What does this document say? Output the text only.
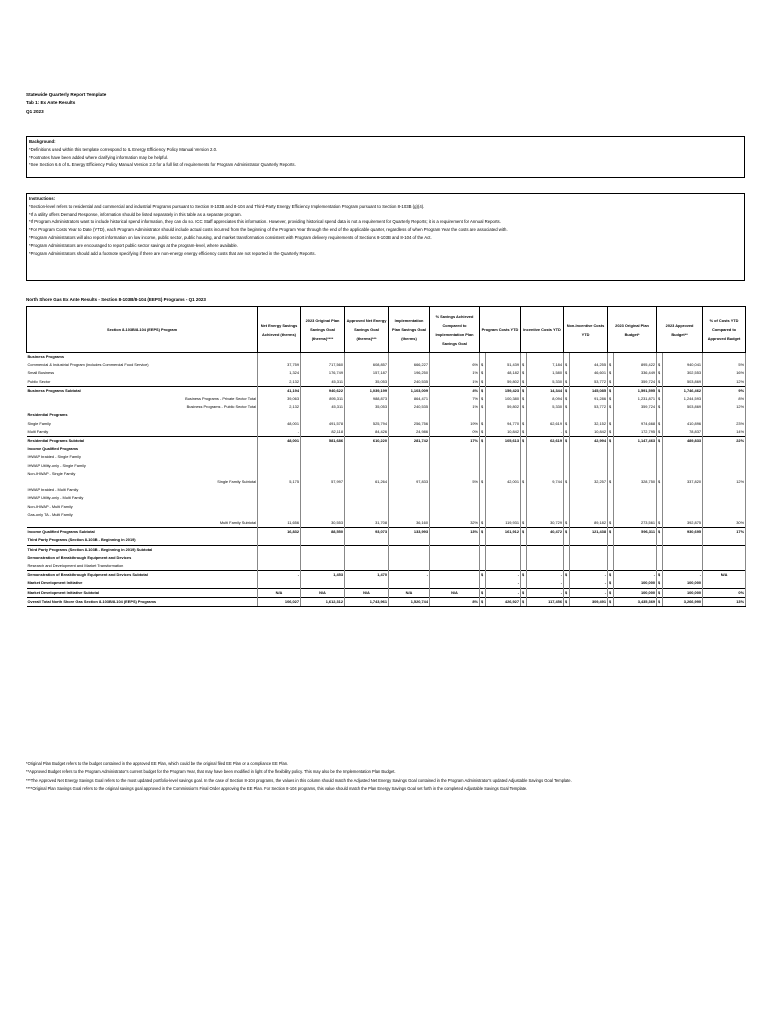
Statewide Quarterly Report Template
Tab 1: Ex Ante Results
Q1 2023
Background:
*Definitions used within this template correspond to IL Energy Efficiency Policy Manual Version 2.0.
*Footnotes have been added where clarifying information may be helpful.
*See Section 6.6 of IL Energy Efficiency Policy Manual Version 2.0 for a full list of requirements for Program Administrator Quarterly Reports.
Instructions:
*Section-level refers to residential and commercial and industrial Programs pursuant to Section 8-103B and 8-104 and Third-Party Energy Efficiency Implementation Program pursuant to Section 8-103B (g)(4).
*If a utility offers Demand Response, information should be listed separately in this table as a separate program.
*If Program Administrators want to include historical spend information, they can do so. ICC Staff appreciates this information. However, providing historical spend data is not a requirement for Quarterly Reports; it is a requirement for Annual Reports.
*For Program Costs Year to Date (YTD), each Program Administrator should include actual costs incurred from the beginning of the Program Year through the end of the applicable quarter, regardless of when Program Year the costs are associated with.
*Program Administrators will also report information on low income, public sector, public housing, and market transformation consistent with Program delivery requirements of Sections 8-103B and 8-104 of the Act.
*Program Administrators are encouraged to report public sector savings at the program-level, where available.
*Program Administrators should add a footnote specifying if there are non-energy energy efficiency costs that are not reported in the Quarterly Reports.
North Shore Gas Ex Ante Results - Section 8-103B/8-104 (EEPS) Programs - Q1 2023
Section 8-103B/8-104 (EEPS) Program	Net Energy Savings Achieved (therms)	2023 Original Plan Savings Goal (therms)****	Approved Net Energy Savings Goal (therms)***	Implementation Plan Savings Goal (therms)	% Savings Achieved Compared to Implementation Plan Savings Goal	Program Costs YTD		Incentive Costs YTD		Non-Incentive Costs YTD		2023 Original Plan Budget*		2023 Approved Budget**		% of Costs YTD Compared to Approved Budget
Business Programs																
Commercial & Industrial Program (includes Commercial Food Service)	37,759	717,560	608,857	666,227	6%	$	51,439	$	7,184	$	44,255	$	895,422	$	940,041	5%
Small Business	1,324	176,749	157,187	196,250	1%	$	48,182	$	1,580	$	46,601	$	336,449	$	302,553	16%
Public Sector	2,132	45,311	35,053	240,535	1%	$	59,802	$	5,330	$	53,772	$	359,724	$	503,869	12%
Business Programs Subtotal	41,194	940,622	1,039,199	1,103,009	4%	$	159,423	$	14,344	$	145,085	$	1,591,595	$	1,746,462	9%
Business Programs - Private Sector Total	39,063	895,311	988,873	864,471	7%	$	100,380	$	8,094	$	91,286	$	1,231,871	$	1,244,593	8%
Business Programs - Public Sector Total	2,132	45,311	35,053	240,535	1%	$	59,802	$	5,330	$	53,772	$	359,724	$	503,869	12%
Residential Programs																
Single Family	48,001	491,578	525,794	256,756	19%	$	94,770	$	62,619	$	32,152	$	974,668	$	410,896	23%
Multi Family	-	82,118	84,426	24,986	0%	$	10,842	$	-	$	10,842	$	172,795	$	78,837	14%
Residential Programs Subtotal	48,001	581,686	610,220	281,742	17%	$	105,613	$	62,619	$	42,994	$	1,147,463	$	489,833	22%
Income Qualified Programs																
IHWAP braided - Single Family																
IHWAP Utility-only - Single Family																
Non-IHWAP - Single Family																
Single Family Subtotal	5,175	57,997	61,264	97,833	5%	$	42,001	$	9,744	$	32,257	$	328,750	$	337,820	12%
IHWAP braided - Multi Family																
IHWAP Utility-only - Multi Family																
Non-IHWAP - Multi Family																
Gas-only TA - Multi Family																
Multi Family Subtotal	11,656	30,553	31,708	36,160	32%	$	119,931	$	30,729	$	89,182	$	273,561	$	392,875	30%
Income Qualified Programs Subtotal	16,832	88,550	93,073	133,993	13%	$	161,912	$	40,472	$	121,438	$	596,311	$	930,695	17%
Third Party Programs (Section 8-103B - Beginning in 2019)																
Third Party Programs (Section 8-103B - Beginning in 2019) Subtotal																
Demonstration of Breakthrough Equipment and Devices																
Research and Development and Market Transformation																
Demonstration of Breakthrough Equipment and Devices Subtotal	-	1,453	1,470	-		$	-	$	-	$	-	$	-	$	-	N/A
Market Development Initiative							-		-		-	$	100,000	$	100,000	
Market Development Initiative Subtotal	N/A	N/A	N/A	N/A	N/A	$	-	$	-	$	-	$	100,000	$	100,000	0%
Overall Total North Shore Gas Section 8-103B/8-104 (EEPS) Programs	106,027	1,612,312	1,743,961	1,520,744	8%	$	426,927	$	117,456	$	309,491	$	3,435,369	$	3,266,990	13%
*Original Plan Budget refers to the budget contained in the approved EE Plan, which could be the original filed EE Plan or a compliance EE Plan.
**Approved Budget refers to the Program Administrator's current budget for the Program Year, that may have been modified in light of the flexibility policy. This may also be the Implementation Plan Budget.
***The Approved Net Energy Savings Goal refers to the most updated portfolio-level savings goal. In the case of Section 8-104 programs, the values in this column should match the Adjusted Net Energy Savings Goal contained in the Program Administrator's updated Adjustable Savings Goal Template.
****Original Plan Savings Goal refers to the original savings goal approved in the Commission's Final Order approving the EE Plan. For Section 8-104 programs, this value should match the Plan Energy Savings Goal set forth in the completed Adjustable Savings Goal Template.
